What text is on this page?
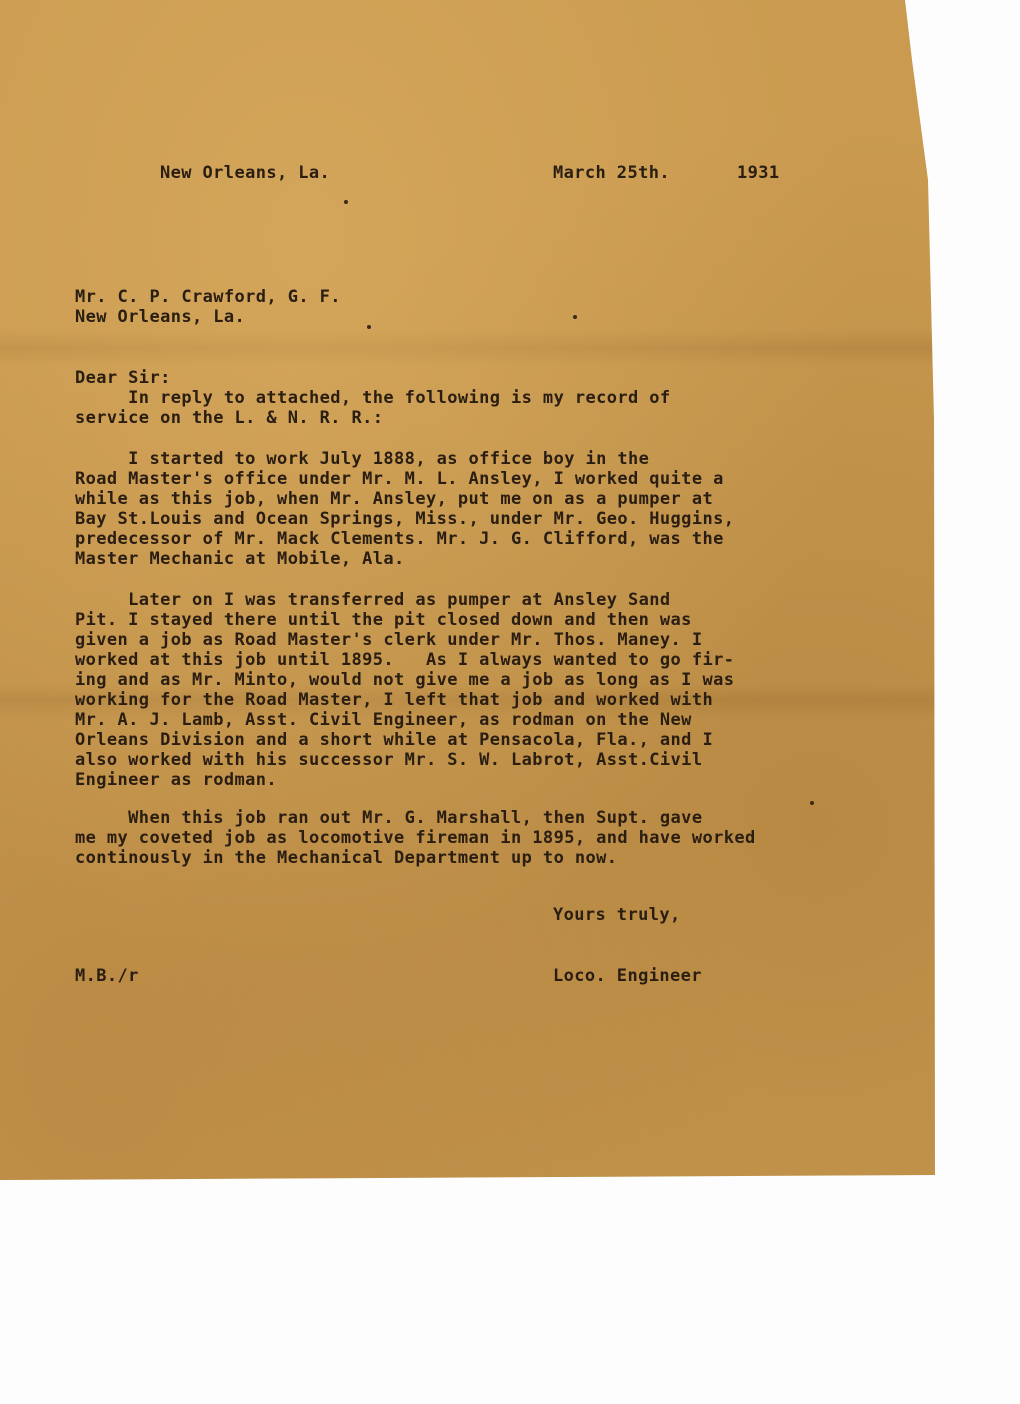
New Orleans, La.	March 25th.	1931
Mr. C. P. Crawford, G. F.
New Orleans, La.
Dear Sir:
In reply to attached, the following is my record of
service on the L. & N. R. R.:
I started to work July 1888, as office boy in the
Road Master's office under Mr. M. L. Ansley, I worked quite a
while as this job, when Mr. Ansley, put me on as a pumper at
Bay St.Louis and Ocean Springs, Miss., under Mr. Geo. Huggins,
predecessor of Mr. Mack Clements. Mr. J. G. Clifford, was the
Master Mechanic at Mobile, Ala.
Later on I was transferred as pumper at Ansley Sand
Pit. I stayed there until the pit closed down and then was
given a job as Road Master's clerk under Mr. Thos. Maney. I
worked at this job until 1895.   As I always wanted to go fir-
ing and as Mr. Minto, would not give me a job as long as I was
working for the Road Master, I left that job and worked with
Mr. A. J. Lamb, Asst. Civil Engineer, as rodman on the New
Orleans Division and a short while at Pensacola, Fla., and I
also worked with his successor Mr. S. W. Labrot, Asst.Civil
Engineer as rodman.
When this job ran out Mr. G. Marshall, then Supt. gave
me my coveted job as locomotive fireman in 1895, and have worked
continously in the Mechanical Department up to now.
Yours truly,
M.B./r	Loco. Engineer
